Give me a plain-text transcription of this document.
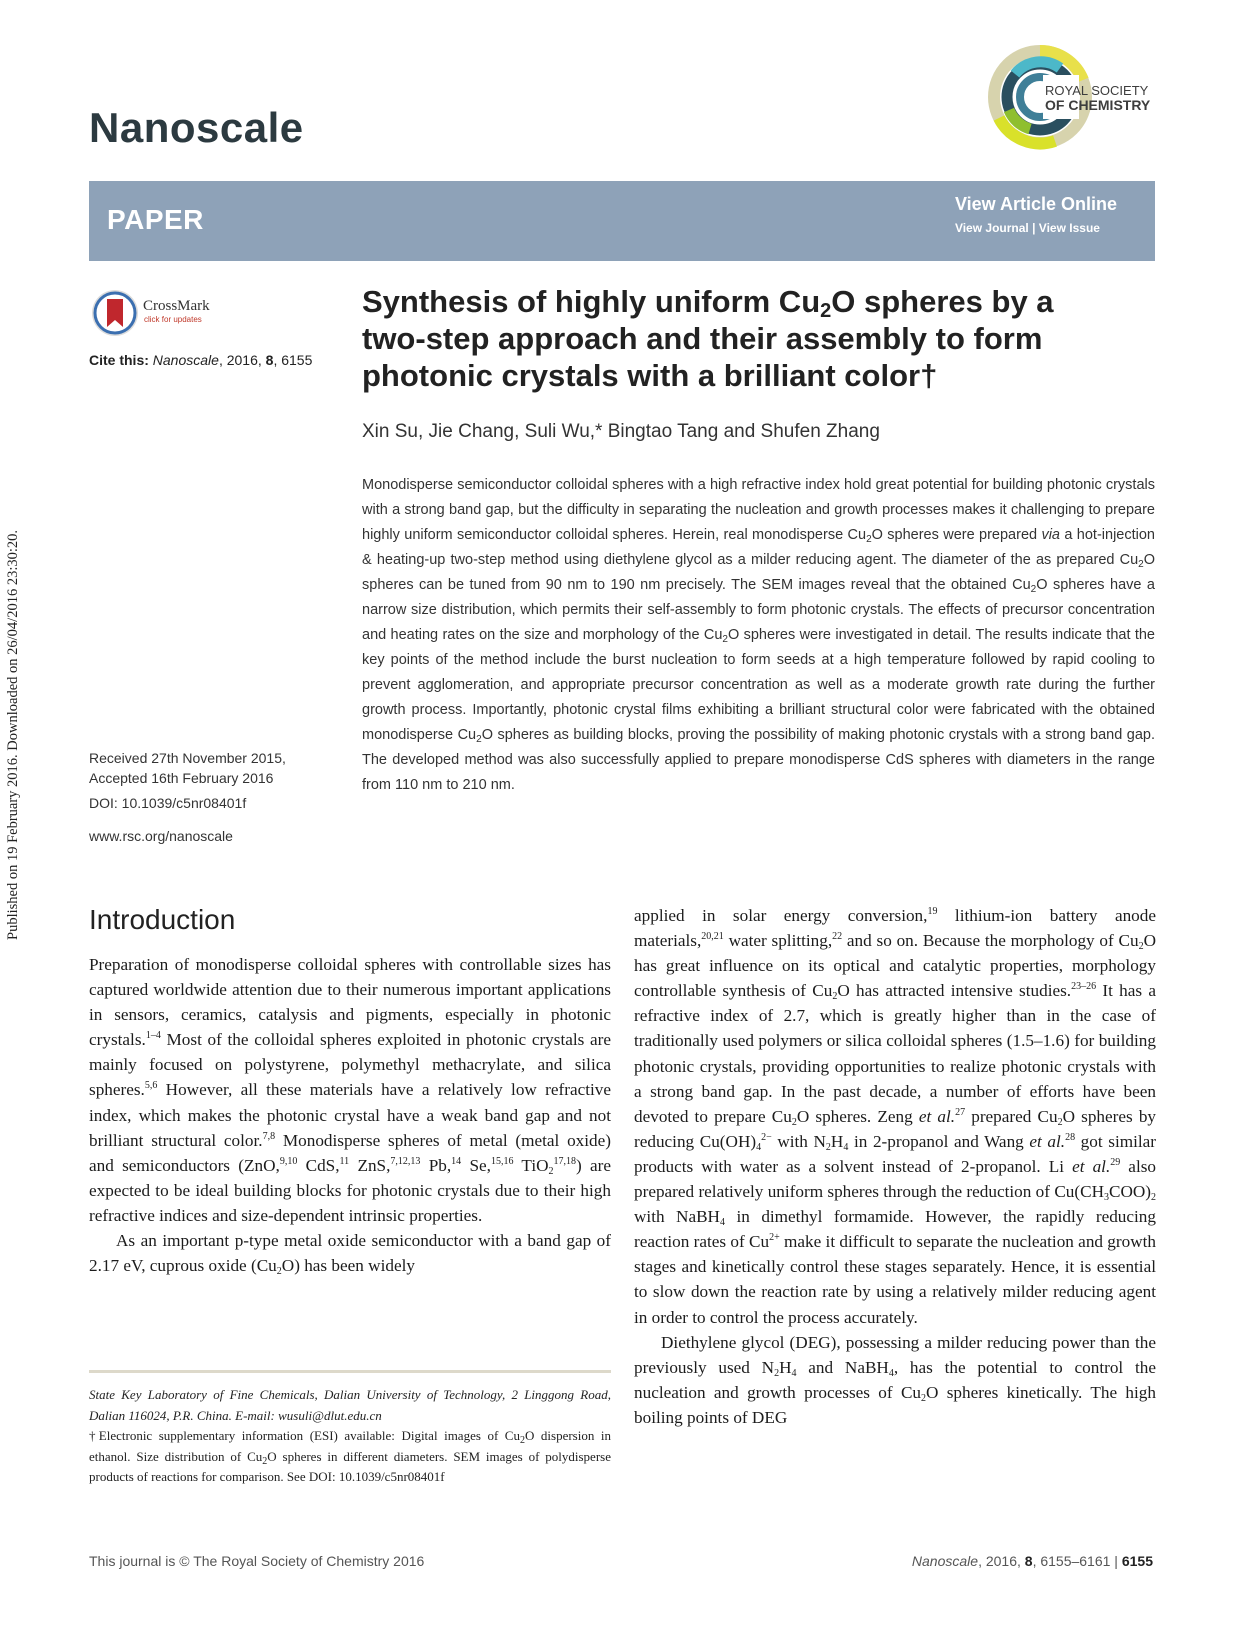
Nanoscale
ROYAL SOCIETY
OF CHEMISTRY
PAPER	View Article Online
View Journal | View Issue
CrossMark
click for updates
Cite this: Nanoscale, 2016, 8, 6155
Synthesis of highly uniform $Cu_2O$ spheres by a two-step approach and their assembly to form photonic crystals with a brilliant color†
Xin Su, Jie Chang, Suli Wu,* Bingtao Tang and Shufen Zhang
Monodisperse semiconductor colloidal spheres with a high refractive index hold great potential for building photonic crystals with a strong band gap, but the difficulty in separating the nucleation and growth processes makes it challenging to prepare highly uniform semiconductor colloidal spheres. Herein, real monodisperse $Cu_2O$ spheres were prepared via a hot-injection & heating-up two-step method using diethylene glycol as a milder reducing agent. The diameter of the as prepared $Cu_2O$ spheres can be tuned from 90 nm to 190 nm precisely. The SEM images reveal that the obtained $Cu_2O$ spheres have a narrow size distribution, which permits their self-assembly to form photonic crystals. The effects of precursor concentration and heating rates on the size and morphology of the $Cu_2O$ spheres were investigated in detail. The results indicate that the key points of the method include the burst nucleation to form seeds at a high temperature followed by rapid cooling to prevent agglomeration, and appropriate precursor concentration as well as a moderate growth rate during the further growth process. Importantly, photonic crystal films exhibiting a brilliant structural color were fabricated with the obtained monodisperse $Cu_2O$ spheres as building blocks, proving the possibility of making photonic crystals with a strong band gap. The developed method was also successfully applied to prepare monodisperse CdS spheres with diameters in the range from 110 nm to 210 nm.
Received 27th November 2015,
Accepted 16th February 2016
DOI: 10.1039/c5nr08401f
www.rsc.org/nanoscale
Published on 19 February 2016. Downloaded on 26/04/2016 23:30:20. Introduction

Preparation of monodisperse colloidal spheres with controllable sizes has captured worldwide attention due to their numerous important applications in sensors, ceramics, catalysis and pigments, especially in photonic crystals.$^{1-4}$ Most of the colloidal spheres exploited in photonic crystals are mainly focused on polystyrene, polymethyl methacrylate, and silica spheres.$^{5,6}$ However, all these materials have a relatively low refractive index, which makes the photonic crystal have a weak band gap and not brilliant structural color.$^{7,8}$ Monodisperse spheres of metal (metal oxide) and semiconductors (ZnO,$^{9,10}$ CdS,$^{11}$ ZnS,$^{7,12,13}$ Pb,$^{14}$ Se,$^{15,16}$ TiO$_2^{17,18}$) are expected to be ideal building blocks for photonic crystals due to their high refractive indices and size-dependent intrinsic properties.

As an important p-type metal oxide semiconductor with a band gap of 2.17 eV, cuprous oxide $(Cu_2O)$ has been widely

applied in solar energy conversion,$^{19}$ lithium-ion battery anode materials,$^{20,21}$ water splitting,$^{22}$ and so on. Because the morphology of $Cu_2O$ has great influence on its optical and catalytic properties, morphology controllable synthesis of $Cu_2O$ has attracted intensive studies.$^{23-26}$ It has a refractive index of 2.7, which is greatly higher than in the case of traditionally used polymers or silica colloidal spheres (1.5–1.6) for building photonic crystals, providing opportunities to realize photonic crystals with a strong band gap. In the past decade, a number of efforts have been devoted to prepare $Cu_2O$ spheres. Zeng et al.$^{27}$ prepared $Cu_2O$ spheres by reducing $Cu(OH)_4^{2-}$ with $N_2H_4$ in 2-propanol and Wang et al.$^{28}$ got similar products with water as a solvent instead of 2-propanol. Li et al.$^{29}$ also prepared relatively uniform spheres through the reduction of $Cu(CH_3COO)_2$ with NaBH$_4$ in dimethyl formamide. However, the rapidly reducing reaction rates of $Cu^{2+}$ make it difficult to separate the nucleation and growth stages and kinetically control these stages separately. Hence, it is essential to slow down the reaction rate by using a relatively milder reducing agent in order to control the process accurately.

Diethylene glycol (DEG), possessing a milder reducing power than the previously used $N_2H_4$ and NaBH$_4$, has the potential to control the nucleation and growth processes of $Cu_2O$ spheres kinetically. The high boiling points of DEG

State Key Laboratory of Fine Chemicals, Dalian University of Technology, 2 Linggong Road, Dalian 116024, P.R. China. E-mail: wusuli@dlut.edu.cn

†Electronic supplementary information (ESI) available: Digital images of $Cu_2O$ dispersion in ethanol. Size distribution of $Cu_2O$ spheres in different diameters. SEM images of polydisperse products of reactions for comparison. See DOI: 10.1039/c5nr08401f

This journal is © The Royal Society of Chemistry 2016	Nanoscale, 2016, 8, 6155–6161 | 6155
